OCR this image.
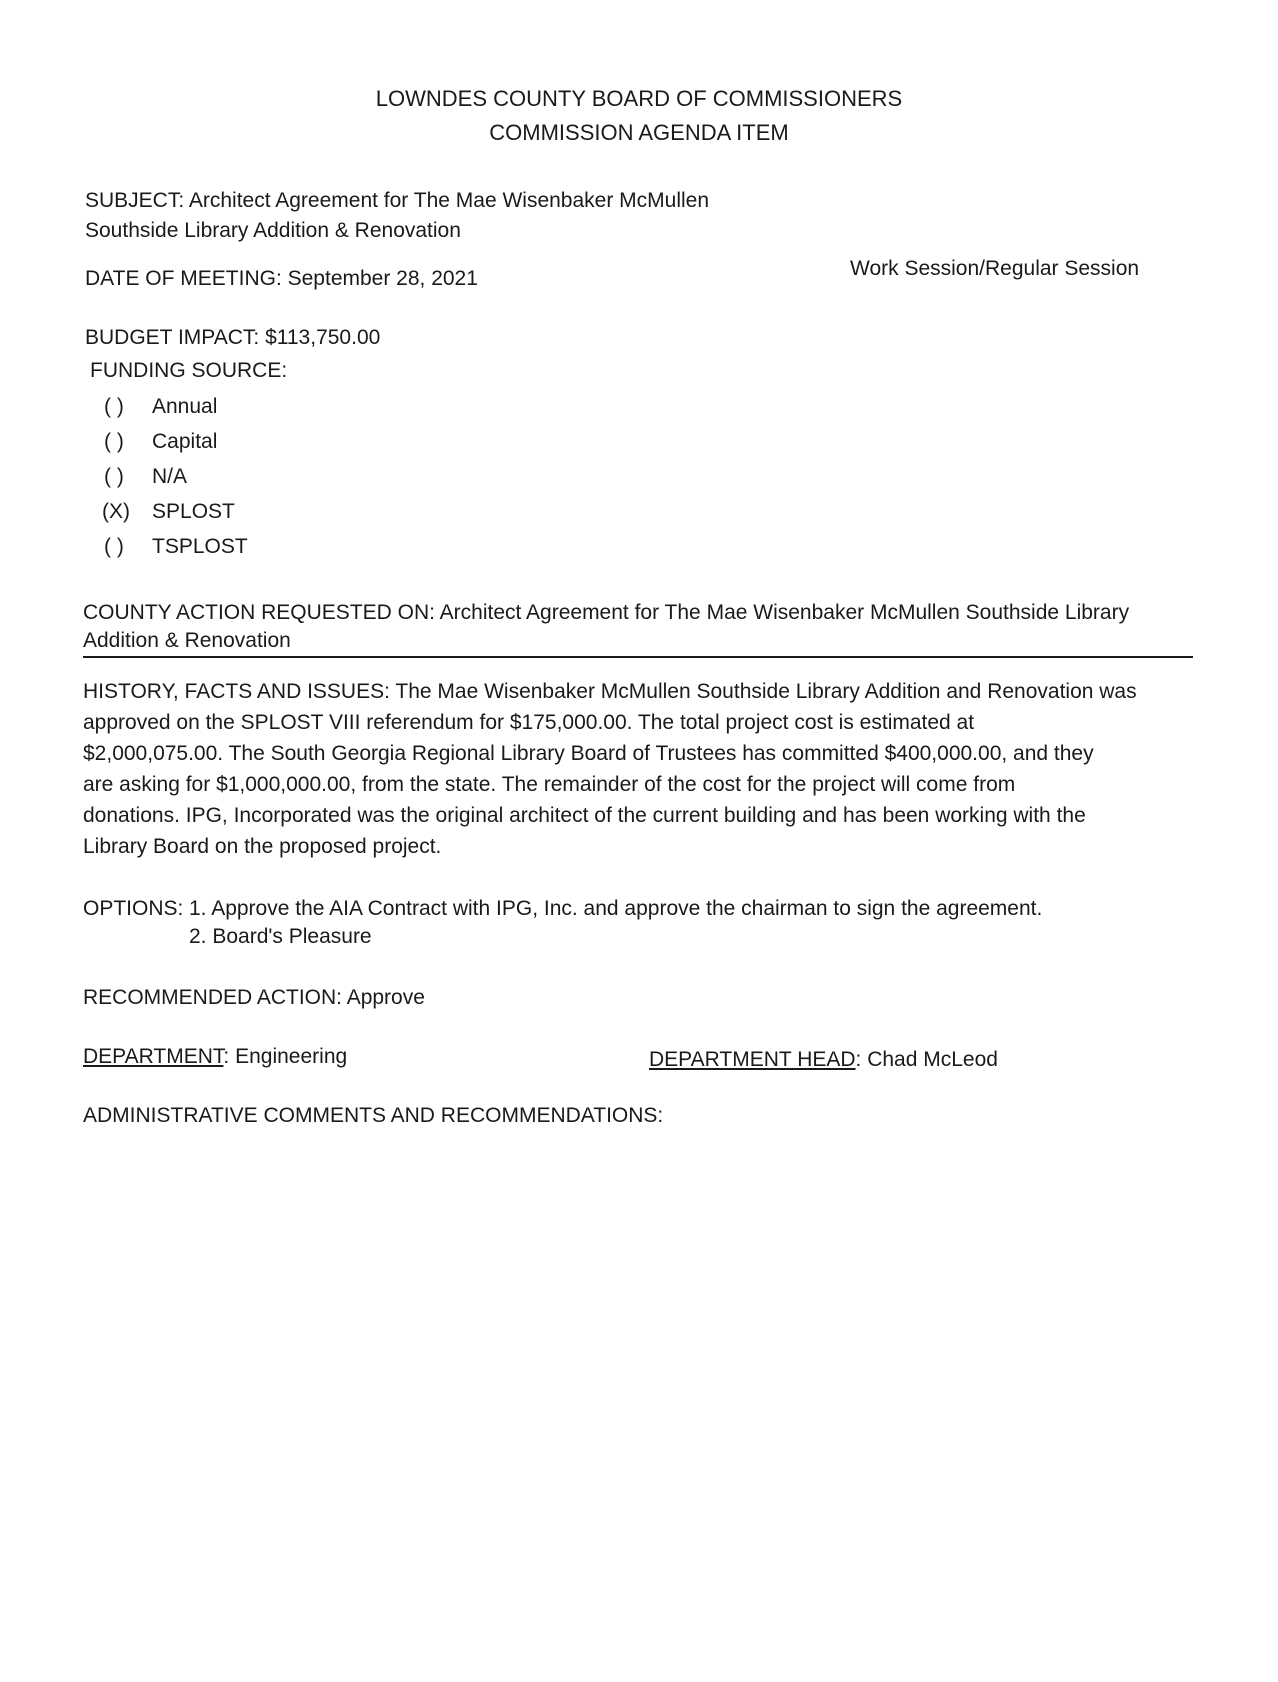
LOWNDES COUNTY BOARD OF COMMISSIONERS
COMMISSION AGENDA ITEM
SUBJECT: Architect Agreement for The Mae Wisenbaker McMullen
Southside Library Addition & Renovation
DATE OF MEETING: September 28, 2021	Work Session/Regular Session
BUDGET IMPACT: $113,750.00
FUNDING SOURCE:
( )	Annual
( )	Capital
( )	N/A
(X)	SPLOST
( )	TSPLOST
COUNTY ACTION REQUESTED ON: Architect Agreement for The Mae Wisenbaker McMullen Southside Library
Addition & Renovation
HISTORY, FACTS AND ISSUES: The Mae Wisenbaker McMullen Southside Library Addition and Renovation was
approved on the SPLOST VIII referendum for $175,000.00. The total project cost is estimated at
$2,000,075.00. The South Georgia Regional Library Board of Trustees has committed $400,000.00, and they
are asking for $1,000,000.00, from the state. The remainder of the cost for the project will come from
donations. IPG, Incorporated was the original architect of the current building and has been working with the
Library Board on the proposed project.
OPTIONS: 1. Approve the AIA Contract with IPG, Inc. and approve the chairman to sign the agreement.
2. Board's Pleasure
RECOMMENDED ACTION: Approve
DEPARTMENT: Engineering	DEPARTMENT HEAD: Chad McLeod
ADMINISTRATIVE COMMENTS AND RECOMMENDATIONS:
